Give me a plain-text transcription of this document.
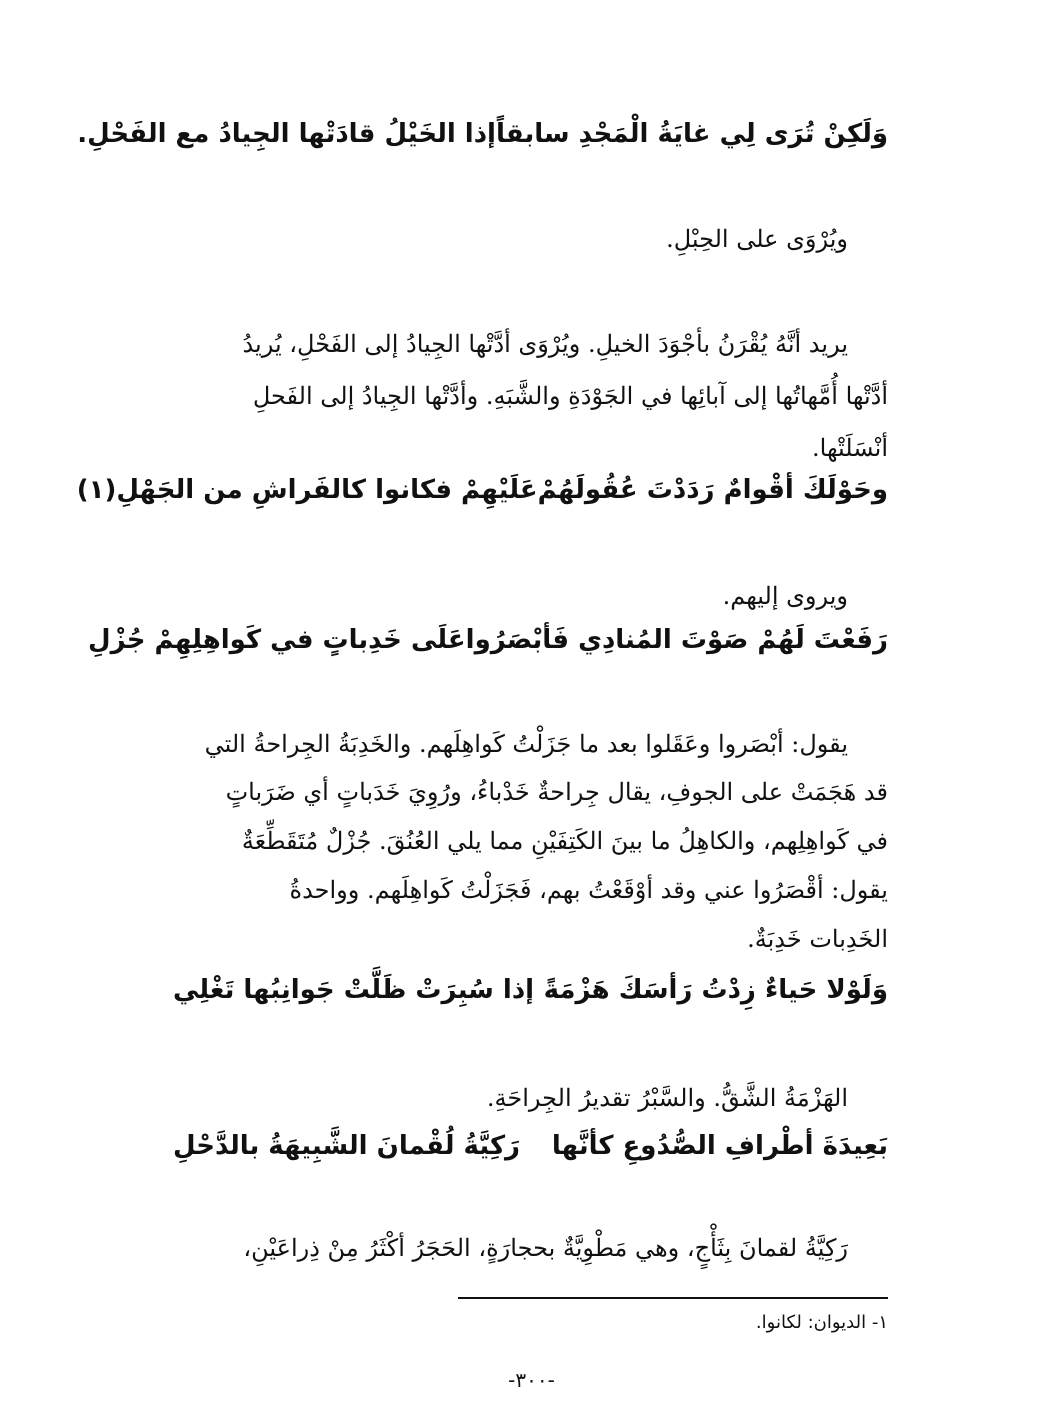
وَلَكِنْ تُرَى لِي غايَةُ الْمَجْدِ سابقاً
إذا الخَيْلُ قادَتْها الجِيادُ مع الفَحْلِ.
ويُرْوَى على الحِبْلِ.
يريد أنَّهُ يُقْرَنُ بأجْوَدَ الخيلِ. ويُرْوَى أدَّتْها الجِيادُ إلى الفَحْلِ، يُريدُ
أدَّتْها أُمَّهاتُها إلى آبائِها في الجَوْدَةِ والشَّبَهِ. وأدَّتْها الجِيادُ إلى الفَحلِ
أنْسَلَتْها.
وحَوْلَكَ أقْوامٌ رَدَدْتَ عُقُولَهُمْ
عَلَيْهِمْ فكانوا كالفَراشِ من الجَهْلِ(١)
ويروى إليهم.
رَفَعْتَ لَهُمْ صَوْتَ المُنادِي فَأبْصَرُوا
عَلَى خَدِباتٍ في كَواهِلِهِمْ جُزْلِ
يقول: أبْصَروا وعَقَلوا بعد ما جَزَلْتُ كَواهِلَهم. والخَدِبَةُ الجِراحةُ التي
قد هَجَمَتْ على الجوفِ، يقال جِراحةٌ خَدْباءُ، ورُوِيَ خَدَباتٍ أي ضَرَباتٍ
في كَواهِلِهم، والكاهِلُ ما بينَ الكَتِفَيْنِ مما يلي العُنُقَ. جُزْلٌ مُتَقَطِّعَةٌ
يقول: أقْصَرُوا عني وقد أوْقَعْتُ بهم، فَجَزَلْتُ كَواهِلَهم. وواحدةُ
الخَدِبات خَدِبَةٌ.
وَلَوْلا حَياءٌ زِدْتُ رَأسَكَ هَزْمَةً
إذا سُبِرَتْ ظَلَّتْ جَوانِبُها تَغْلِي
الهَزْمَةُ الشَّقُّ. والسَّبْرُ تقديرُ الجِراحَةِ.
بَعِيدَةَ أطْرافِ الصُّدُوعِ كأنَّها
رَكِيَّةُ لُقْمانَ الشَّبِيهَةُ بالدَّحْلِ
رَكِيَّةُ لقمانَ بِثَأْجٍ، وهي مَطْوِيَّةٌ بحجارَةٍ، الحَجَرُ أكْثَرُ مِنْ ذِراعَيْنِ،
١- الديوان: لكانوا.
-٣٠٠-
